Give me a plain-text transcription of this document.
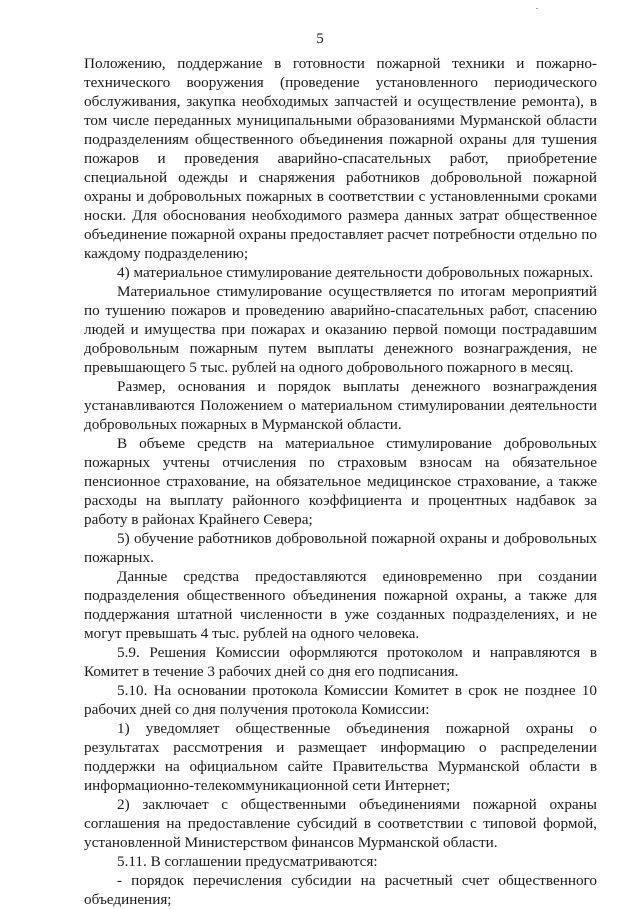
5

Положению, поддержание в готовности пожарной техники и пожарно-технического вооружения (проведение установленного периодического обслуживания, закупка необходимых запчастей и осуществление ремонта), в том числе переданных муниципальными образованиями Мурманской области подразделениям общественного объединения пожарной охраны для тушения пожаров и проведения аварийно-спасательных работ, приобретение специальной одежды и снаряжения работников добровольной пожарной охраны и добровольных пожарных в соответствии с установленными сроками носки. Для обоснования необходимого размера данных затрат общественное объединение пожарной охраны предоставляет расчет потребности отдельно по каждому подразделению;

4) материальное стимулирование деятельности добровольных пожарных.

Материальное стимулирование осуществляется по итогам мероприятий по тушению пожаров и проведению аварийно-спасательных работ, спасению людей и имущества при пожарах и оказанию первой помощи пострадавшим добровольным пожарным путем выплаты денежного вознаграждения, не превышающего 5 тыс. рублей на одного добровольного пожарного в месяц.

Размер, основания и порядок выплаты денежного вознаграждения устанавливаются Положением о материальном стимулировании деятельности добровольных пожарных в Мурманской области.

В объеме средств на материальное стимулирование добровольных пожарных учтены отчисления по страховым взносам на обязательное пенсионное страхование, на обязательное медицинское страхование, а также расходы на выплату районного коэффициента и процентных надбавок за работу в районах Крайнего Севера;

5) обучение работников добровольной пожарной охраны и добровольных пожарных.

Данные средства предоставляются единовременно при создании подразделения общественного объединения пожарной охраны, а также для поддержания штатной численности в уже созданных подразделениях, и не могут превышать 4 тыс. рублей на одного человека.

5.9. Решения Комиссии оформляются протоколом и направляются в Комитет в течение 3 рабочих дней со дня его подписания.

5.10. На основании протокола Комиссии Комитет в срок не позднее 10 рабочих дней со дня получения протокола Комиссии:

1) уведомляет общественные объединения пожарной охраны о результатах рассмотрения и размещает информацию о распределении поддержки на официальном сайте Правительства Мурманской области в информационно-телекоммуникационной сети Интернет;

2) заключает с общественными объединениями пожарной охраны соглашения на предоставление субсидий в соответствии с типовой формой, установленной Министерством финансов Мурманской области.

5.11. В соглашении предусматриваются:

- порядок перечисления субсидии на расчетный счет общественного объединения;
